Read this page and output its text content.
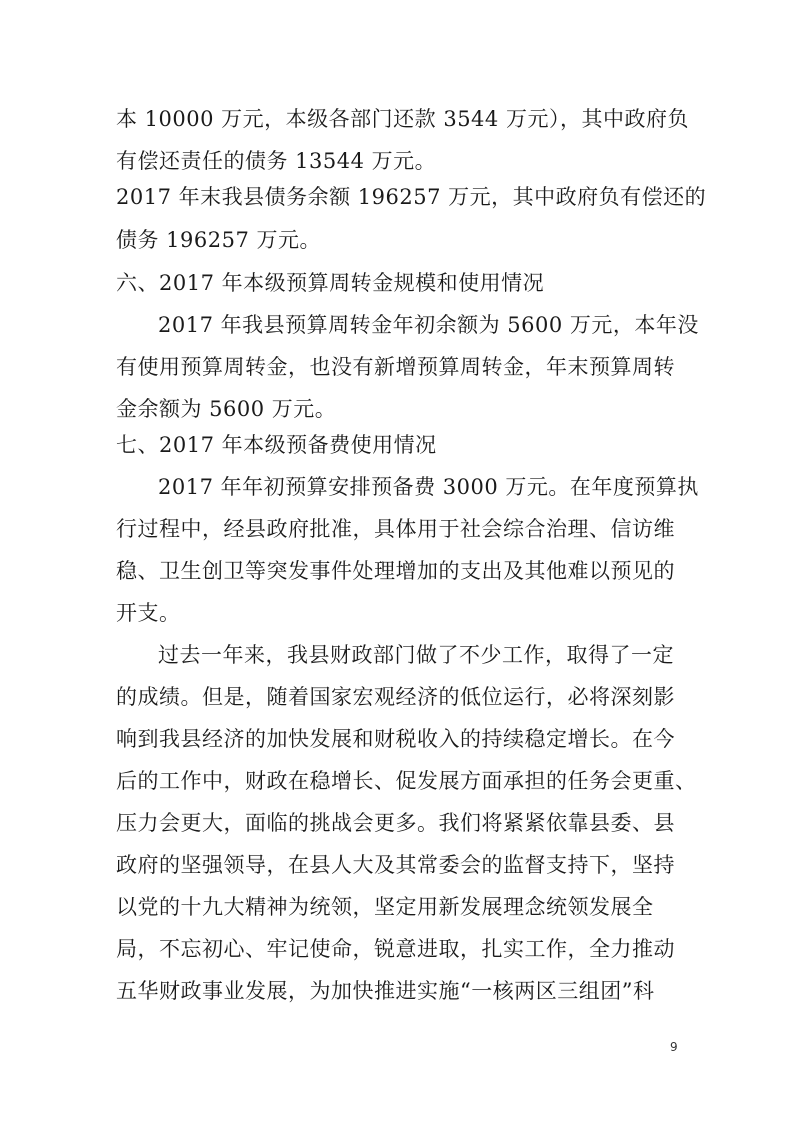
本 10000 万元，本级各部门还款 3544 万元），其中政府负
有偿还责任的债务 13544 万元。
2017 年末我县债务余额 196257 万元，其中政府负有偿还的
债务 196257 万元。
六、2017 年本级预算周转金规模和使用情况
2017 年我县预算周转金年初余额为 5600 万元，本年没
有使用预算周转金，也没有新增预算周转金，年末预算周转
金余额为 5600 万元。
七、2017 年本级预备费使用情况
2017 年年初预算安排预备费 3000 万元。在年度预算执
行过程中，经县政府批准，具体用于社会综合治理、信访维
稳、卫生创卫等突发事件处理增加的支出及其他难以预见的
开支。
过去一年来，我县财政部门做了不少工作，取得了一定
的成绩。但是，随着国家宏观经济的低位运行，必将深刻影
响到我县经济的加快发展和财税收入的持续稳定增长。在今
后的工作中，财政在稳增长、促发展方面承担的任务会更重、
压力会更大，面临的挑战会更多。我们将紧紧依靠县委、县
政府的坚强领导，在县人大及其常委会的监督支持下，坚持
以党的十九大精神为统领，坚定用新发展理念统领发展全
局，不忘初心、牢记使命，锐意进取，扎实工作，全力推动
五华财政事业发展，为加快推进实施“一核两区三组团”科
9
